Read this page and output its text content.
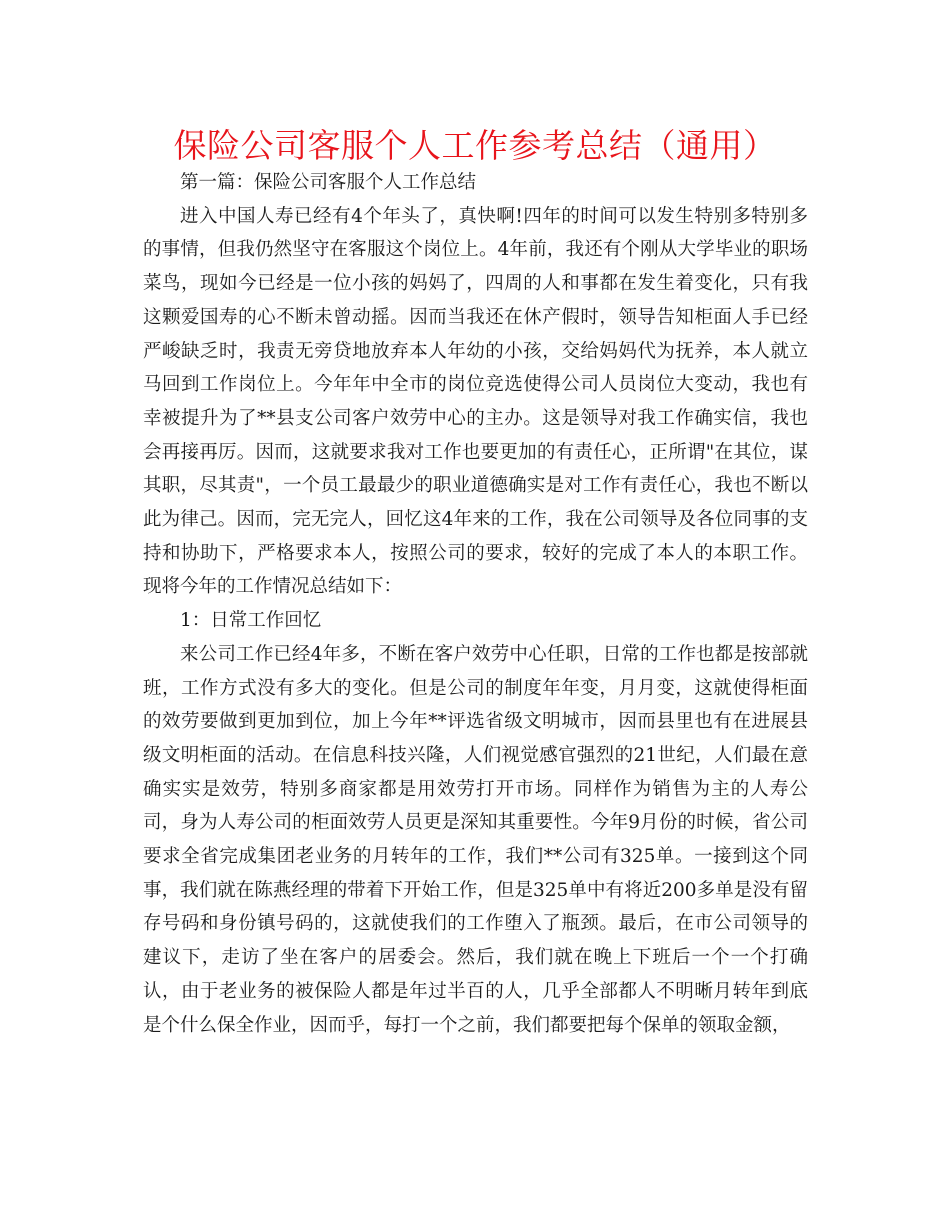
保险公司客服个人工作参考总结（通用）

第一篇：保险公司客服个人工作总结

进入中国人寿已经有4个年头了，真快啊!四年的时间可以发生特别多特别多的事情，但我仍然坚守在客服这个岗位上。4年前，我还有个刚从大学毕业的职场菜鸟，现如今已经是一位小孩的妈妈了，四周的人和事都在发生着变化，只有我这颗爱国寿的心不断未曾动摇。因而当我还在休产假时，领导告知柜面人手已经严峻缺乏时，我责无旁贷地放弃本人年幼的小孩，交给妈妈代为抚养，本人就立马回到工作岗位上。今年年中全市的岗位竞选使得公司人员岗位大变动，我也有幸被提升为了**县支公司客户效劳中心的主办。这是领导对我工作确实信，我也会再接再厉。因而，这就要求我对工作也要更加的有责任心，正所谓"在其位，谋其职，尽其责"，一个员工最最少的职业道德确实是对工作有责任心，我也不断以此为律己。因而，完无完人，回忆这4年来的工作，我在公司领导及各位同事的支持和协助下，严格要求本人，按照公司的要求，较好的完成了本人的本职工作。现将今年的工作情况总结如下：

1：日常工作回忆

来公司工作已经4年多，不断在客户效劳中心任职，日常的工作也都是按部就班，工作方式没有多大的变化。但是公司的制度年年变，月月变，这就使得柜面的效劳要做到更加到位，加上今年**评选省级文明城市，因而县里也有在进展县级文明柜面的活动。在信息科技兴隆，人们视觉感官强烈的21世纪，人们最在意确实实是效劳，特别多商家都是用效劳打开市场。同样作为销售为主的人寿公司，身为人寿公司的柜面效劳人员更是深知其重要性。今年9月份的时候，省公司要求全省完成集团老业务的月转年的工作，我们**公司有325单。一接到这个同事，我们就在陈燕经理的带着下开始工作，但是325单中有将近200多单是没有留存号码和身份镇号码的，这就使我们的工作堕入了瓶颈。最后，在市公司领导的建议下，走访了坐在客户的居委会。然后，我们就在晚上下班后一个一个打确认，由于老业务的被保险人都是年过半百的人，几乎全部都人不明晰月转年到底是个什么保全作业，因而乎，每打一个之前，我们都要把每个保单的领取金额，
